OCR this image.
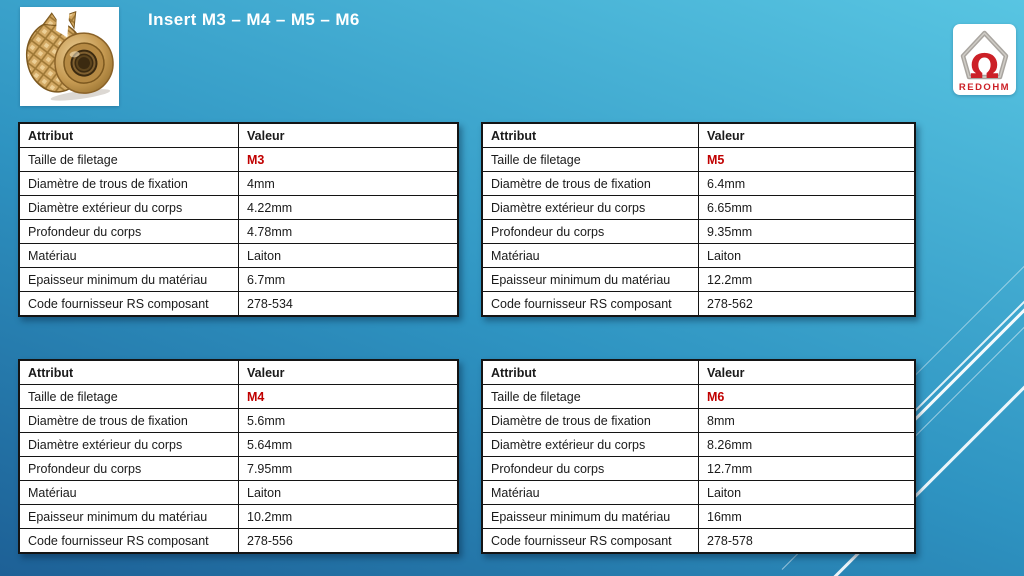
Insert M3 – M4 – M5 – M6
Ω
REDOHM
Attribut	Valeur
Taille de filetage	M3
Diamètre de trous de fixation	4mm
Diamètre extérieur du corps	4.22mm
Profondeur du corps	4.78mm
Matériau	Laiton
Epaisseur minimum du matériau	6.7mm
Code fournisseur RS composant	278-534
Attribut	Valeur
Taille de filetage	M5
Diamètre de trous de fixation	6.4mm
Diamètre extérieur du corps	6.65mm
Profondeur du corps	9.35mm
Matériau	Laiton
Epaisseur minimum du matériau	12.2mm
Code fournisseur RS composant	278-562
Attribut	Valeur
Taille de filetage	M4
Diamètre de trous de fixation	5.6mm
Diamètre extérieur du corps	5.64mm
Profondeur du corps	7.95mm
Matériau	Laiton
Epaisseur minimum du matériau	10.2mm
Code fournisseur RS composant	278-556
Attribut	Valeur
Taille de filetage	M6
Diamètre de trous de fixation	8mm
Diamètre extérieur du corps	8.26mm
Profondeur du corps	12.7mm
Matériau	Laiton
Epaisseur minimum du matériau	16mm
Code fournisseur RS composant	278-578
